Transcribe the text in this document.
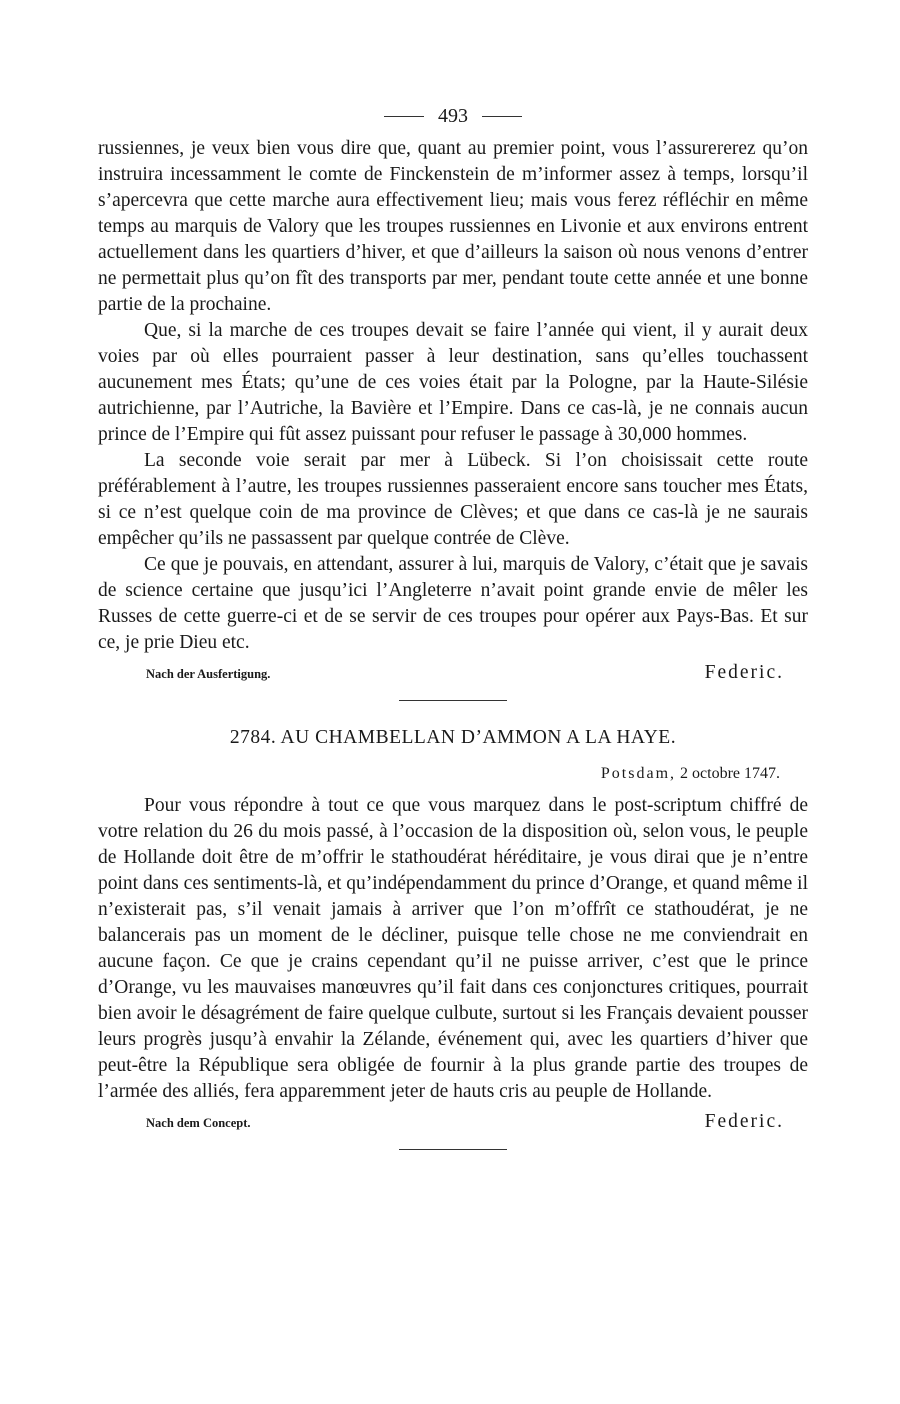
493

russiennes, je veux bien vous dire que, quant au premier point, vous l’assurererez qu’on instruira incessamment le comte de Finckenstein de m’informer assez à temps, lorsqu’il s’apercevra que cette marche aura effectivement lieu; mais vous ferez réfléchir en même temps au marquis de Valory que les troupes russiennes en Livonie et aux environs entrent actuellement dans les quartiers d’hiver, et que d’ailleurs la saison où nous venons d’entrer ne permettait plus qu’on fît des transports par mer, pendant toute cette année et une bonne partie de la prochaine.

Que, si la marche de ces troupes devait se faire l’année qui vient, il y aurait deux voies par où elles pourraient passer à leur destination, sans qu’elles touchassent aucunement mes États; qu’une de ces voies était par la Pologne, par la Haute-Silésie autrichienne, par l’Autriche, la Bavière et l’Empire. Dans ce cas-là, je ne connais aucun prince de l’Empire qui fût assez puissant pour refuser le passage à 30,000 hommes.

La seconde voie serait par mer à Lübeck. Si l’on choisissait cette route préférablement à l’autre, les troupes russiennes passeraient encore sans toucher mes États, si ce n’est quelque coin de ma province de Clèves; et que dans ce cas-là je ne saurais empêcher qu’ils ne passassent par quelque contrée de Clève.

Ce que je pouvais, en attendant, assurer à lui, marquis de Valory, c’était que je savais de science certaine que jusqu’ici l’Angleterre n’avait point grande envie de mêler les Russes de cette guerre-ci et de se servir de ces troupes pour opérer aux Pays-Bas. Et sur ce, je prie Dieu etc.

Nach der Ausfertigung.	Federic.
2784. AU CHAMBELLAN D’AMMON A LA HAYE.
Potsdam, 2 octobre 1747.

Pour vous répondre à tout ce que vous marquez dans le post-scriptum chiffré de votre relation du 26 du mois passé, à l’occasion de la disposition où, selon vous, le peuple de Hollande doit être de m’offrir le stathoudérat héréditaire, je vous dirai que je n’entre point dans ces sentiments-là, et qu’indépendamment du prince d’Orange, et quand même il n’existerait pas, s’il venait jamais à arriver que l’on m’offrît ce stathoudérat, je ne balancerais pas un moment de le décliner, puisque telle chose ne me conviendrait en aucune façon. Ce que je crains cependant qu’il ne puisse arriver, c’est que le prince d’Orange, vu les mauvaises manœuvres qu’il fait dans ces conjonctures critiques, pourrait bien avoir le désagrément de faire quelque culbute, surtout si les Français devaient pousser leurs progrès jusqu’à envahir la Zélande, événement qui, avec les quartiers d’hiver que peut-être la République sera obligée de fournir à la plus grande partie des troupes de l’armée des alliés, fera apparemment jeter de hauts cris au peuple de Hollande.

Nach dem Concept.	Federic.
